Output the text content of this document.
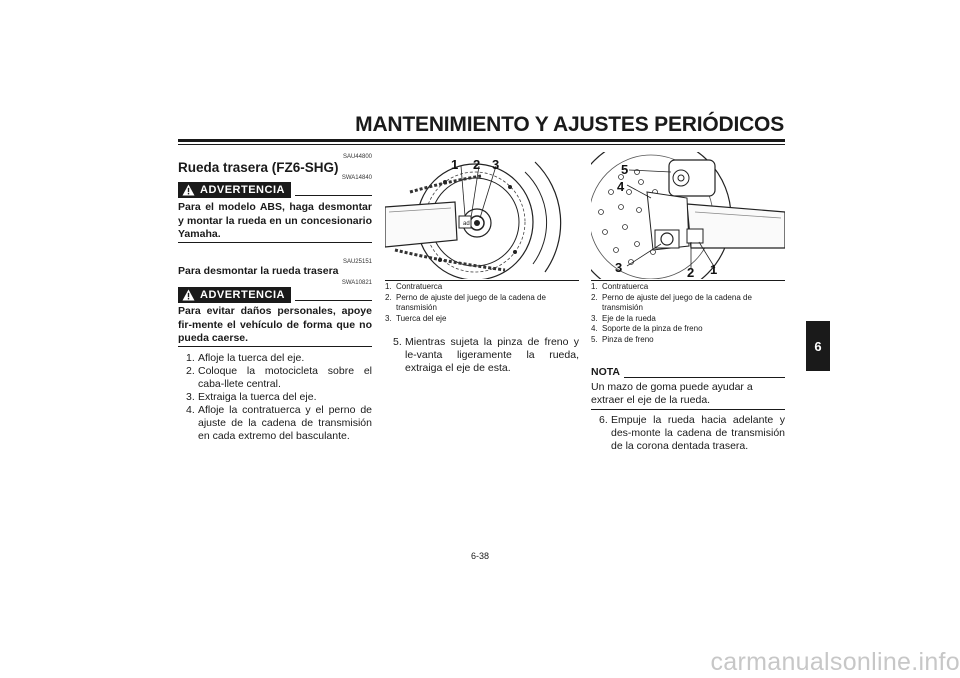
MANTENIMIENTO Y AJUSTES PERIÓDICOS
SAU44800
Rueda trasera (FZ6-SHG)
SWA14840
ADVERTENCIA
Para el modelo ABS, haga desmontar y montar la rueda en un concesionario Yamaha.
SAU25151
Para desmontar la rueda trasera
SWA10821
ADVERTENCIA
Para evitar daños personales, apoye fir-mente el vehículo de forma que no pueda caerse.
1. Afloje la tuerca del eje.
2. Coloque la motocicleta sobre el caba-llete central.
3. Extraiga la tuerca del eje.
4. Afloje la contratuerca y el perno de ajuste de la cadena de transmisión en cada extremo del basculante.
ad
1 2 3
1. Contratuerca
2. Perno de ajuste del juego de la cadena de transmisión
3. Tuerca del eje
5. Mientras sujeta la pinza de freno y le-vanta ligeramente la rueda, extraiga el eje de esta.
5
4
3	2 1
1. Contratuerca
2. Perno de ajuste del juego de la cadena de transmisión
3. Eje de la rueda
4. Soporte de la pinza de freno
5. Pinza de freno
NOTA
Un mazo de goma puede ayudar a extraer el eje de la rueda.
6. Empuje la rueda hacia adelante y des-monte la cadena de transmisión de la corona dentada trasera.
6
6-38
carmanualsonline.info
